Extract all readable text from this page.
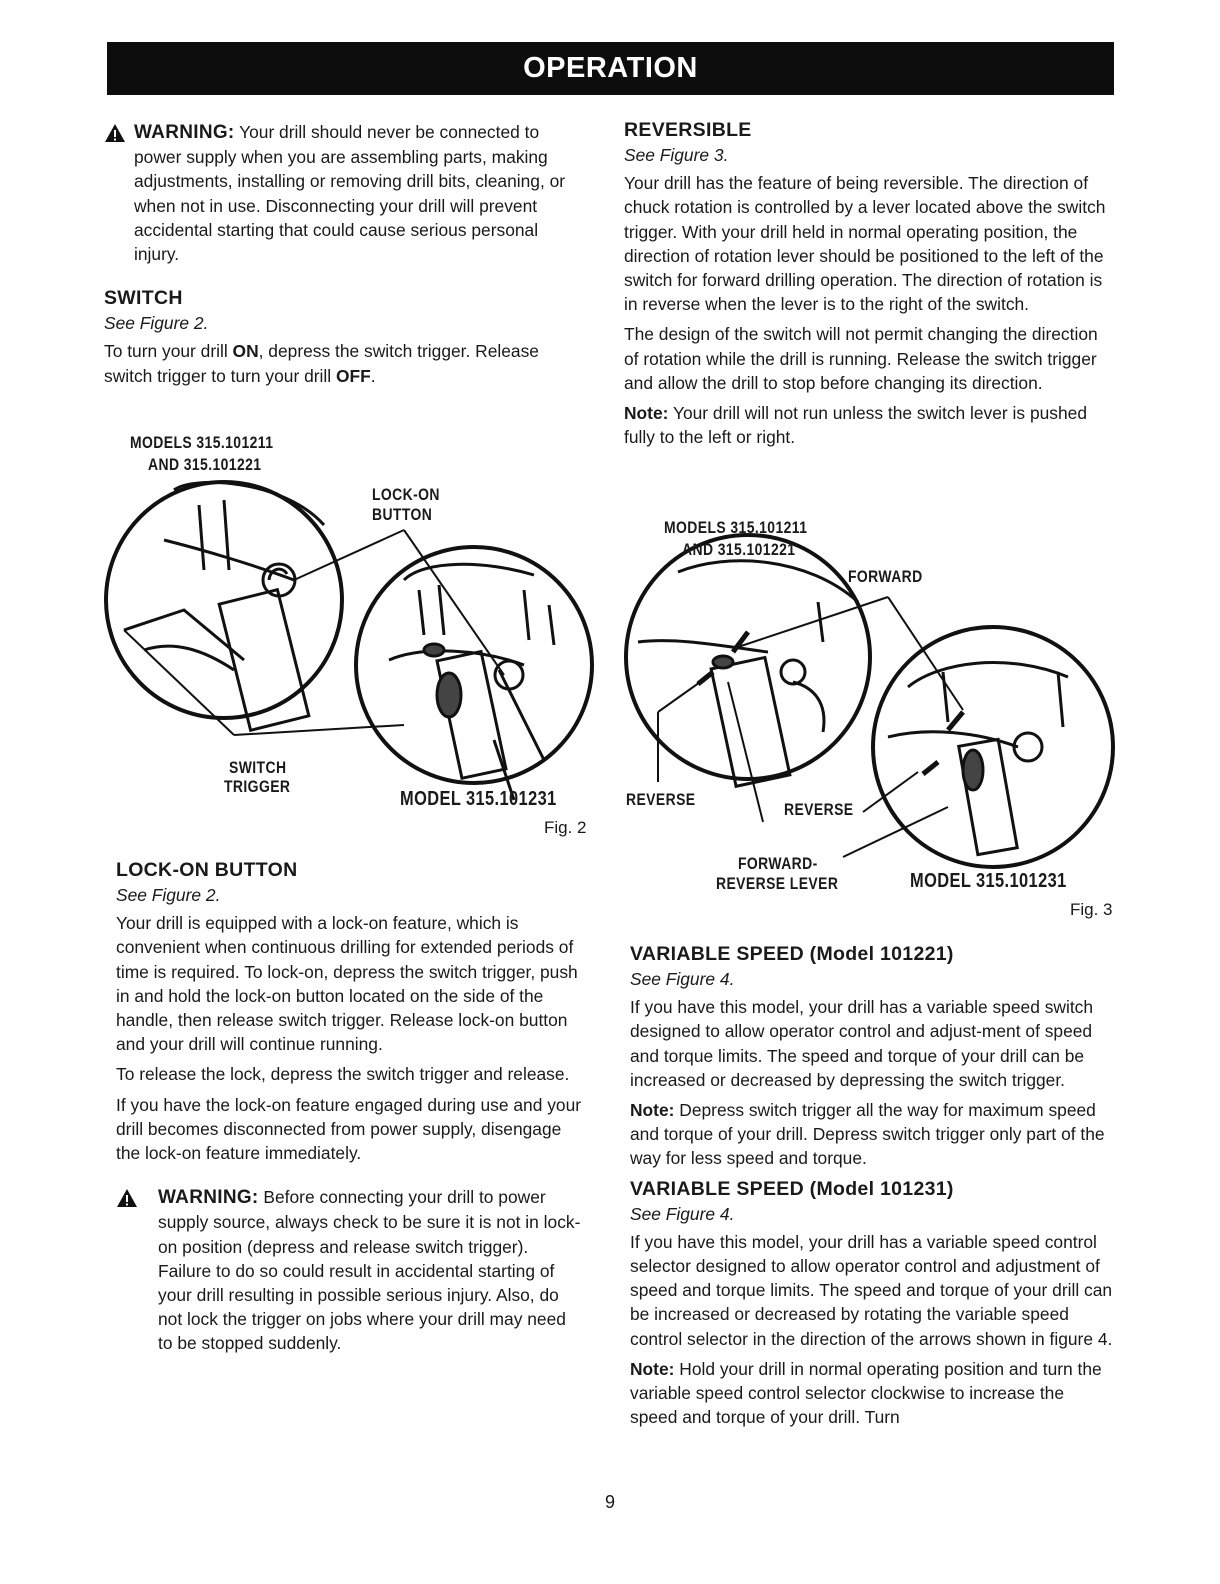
OPERATION
WARNING: Your drill should never be connected to power supply when you are assembling parts, making adjustments, installing or removing drill bits, cleaning, or when not in use. Disconnecting your drill will prevent accidental starting that could cause serious personal injury.
SWITCH

See Figure 2.

To turn your drill ON, depress the switch trigger. Release switch trigger to turn your drill OFF.

MODELS 315.101211
AND 315.101221
LOCK-ON
BUTTON
SWITCH
TRIGGER
MODEL 315.101231
Fig. 2
LOCK-ON BUTTON

See Figure 2.

Your drill is equipped with a lock-on feature, which is convenient when continuous drilling for extended periods of time is required. To lock-on, depress the switch trigger, push in and hold the lock-on button located on the side of the handle, then release switch trigger. Release lock-on button and your drill will continue running.

To release the lock, depress the switch trigger and release.

If you have the lock-on feature engaged during use and your drill becomes disconnected from power supply, disengage the lock-on feature immediately.

WARNING: Before connecting your drill to power supply source, always check to be sure it is not in lock-on position (depress and release switch trigger). Failure to do so could result in accidental starting of your drill resulting in possible serious injury. Also, do not lock the trigger on jobs where your drill may need to be stopped suddenly.
REVERSIBLE

See Figure 3.

Your drill has the feature of being reversible. The direction of chuck rotation is controlled by a lever located above the switch trigger. With your drill held in normal operating position, the direction of rotation lever should be positioned to the left of the switch for forward drilling operation. The direction of rotation is in reverse when the lever is to the right of the switch.

The design of the switch will not permit changing the direction of rotation while the drill is running. Release the switch trigger and allow the drill to stop before changing its direction.

Note: Your drill will not run unless the switch lever is pushed fully to the left or right.

MODELS 315.101211
AND 315.101221
FORWARD
REVERSE
REVERSE
FORWARD-
REVERSE LEVER	MODEL 315.101231
Fig. 3
VARIABLE SPEED (Model 101221)

See Figure 4.

If you have this model, your drill has a variable speed switch designed to allow operator control and adjust-ment of speed and torque limits. The speed and torque of your drill can be increased or decreased by depressing the switch trigger.

Note: Depress switch trigger all the way for maximum speed and torque of your drill. Depress switch trigger only part of the way for less speed and torque.

VARIABLE SPEED (Model 101231)

See Figure 4.

If you have this model, your drill has a variable speed control selector designed to allow operator control and adjustment of speed and torque limits. The speed and torque of your drill can be increased or decreased by rotating the variable speed control selector in the direction of the arrows shown in figure 4.

Note: Hold your drill in normal operating position and turn the variable speed control selector clockwise to increase the speed and torque of your drill. Turn

9
